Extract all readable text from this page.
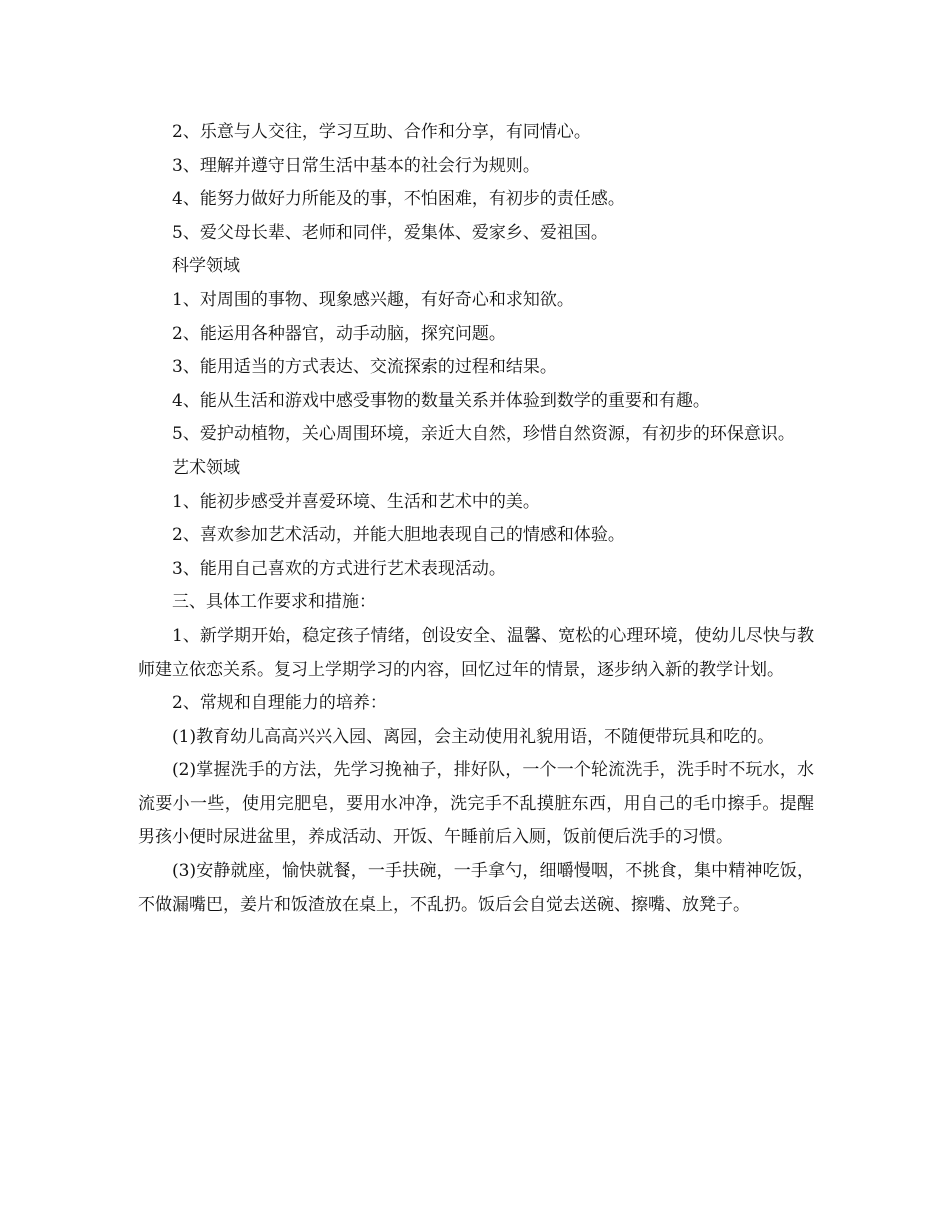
2、乐意与人交往，学习互助、合作和分享，有同情心。

3、理解并遵守日常生活中基本的社会行为规则。

4、能努力做好力所能及的事，不怕困难，有初步的责任感。

5、爱父母长辈、老师和同伴，爱集体、爱家乡、爱祖国。

科学领域

1、对周围的事物、现象感兴趣，有好奇心和求知欲。

2、能运用各种器官，动手动脑，探究问题。

3、能用适当的方式表达、交流探索的过程和结果。

4、能从生活和游戏中感受事物的数量关系并体验到数学的重要和有趣。

5、爱护动植物，关心周围环境，亲近大自然，珍惜自然资源，有初步的环保意识。

艺术领域

1、能初步感受并喜爱环境、生活和艺术中的美。

2、喜欢参加艺术活动，并能大胆地表现自己的情感和体验。

3、能用自己喜欢的方式进行艺术表现活动。

三、具体工作要求和措施：

1、新学期开始，稳定孩子情绪，创设安全、温馨、宽松的心理环境，使幼儿尽快与教师建立依恋关系。复习上学期学习的内容，回忆过年的情景，逐步纳入新的教学计划。

2、常规和自理能力的培养：

(1)教育幼儿高高兴兴入园、离园，会主动使用礼貌用语，不随便带玩具和吃的。

(2)掌握洗手的方法，先学习挽袖子，排好队，一个一个轮流洗手，洗手时不玩水，水流要小一些，使用完肥皂，要用水冲净，洗完手不乱摸脏东西，用自己的毛巾擦手。提醒男孩小便时尿进盆里，养成活动、开饭、午睡前后入厕，饭前便后洗手的习惯。

(3)安静就座，愉快就餐，一手扶碗，一手拿勺，细嚼慢咽，不挑食，集中精神吃饭，不做漏嘴巴，姜片和饭渣放在桌上，不乱扔。饭后会自觉去送碗、擦嘴、放凳子。
